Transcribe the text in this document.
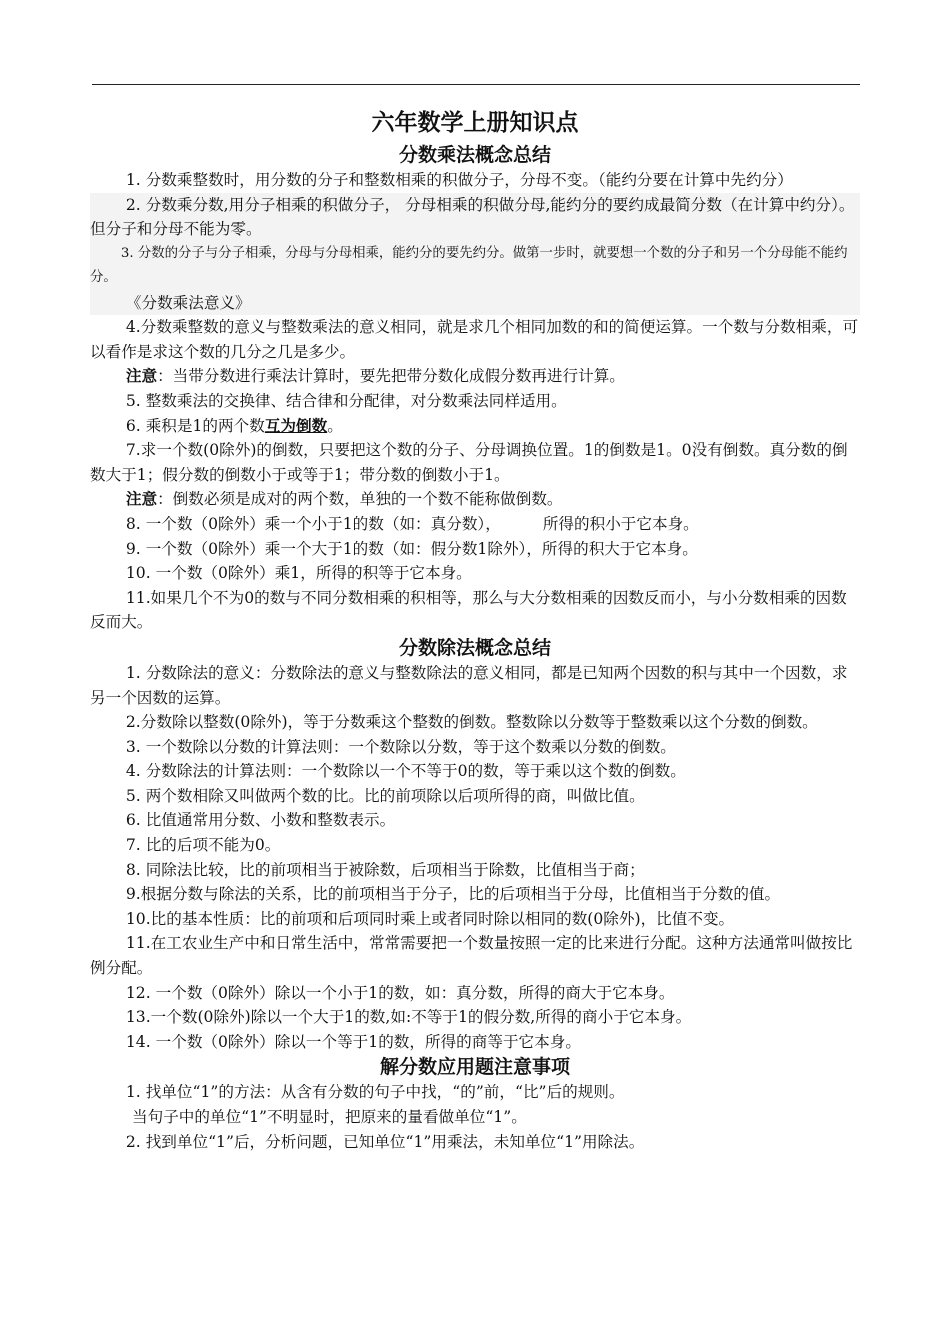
六年数学上册知识点
分数乘法概念总结

1. 分数乘整数时，用分数的分子和整数相乘的积做分子，分母不变。（能约分要在计算中先约分）

2. 分数乘分数,用分子相乘的积做分子， 分母相乘的积做分母,能约分的要约成最简分数（在计算中约分）。 但分子和分母不能为零。

3. 分数的分子与分子相乘，分母与分母相乘，能约分的要先约分。做第一步时，就要想一个数的分子和另一个分母能不能约分。

《分数乘法意义》

4.分数乘整数的意义与整数乘法的意义相同，就是求几个相同加数的和的简便运算。一个数与分数相乘，可以看作是求这个数的几分之几是多少。

注意：当带分数进行乘法计算时，要先把带分数化成假分数再进行计算。

5. 整数乘法的交换律、结合律和分配律，对分数乘法同样适用。

6. 乘积是1的两个数互为倒数。

7.求一个数(0除外)的倒数，只要把这个数的分子、分母调换位置。1的倒数是1。0没有倒数。真分数的倒数大于1；假分数的倒数小于或等于1；带分数的倒数小于1。

注意：倒数必须是成对的两个数，单独的一个数不能称做倒数。

8. 一个数（0除外）乘一个小于1的数（如：真分数），	所得的积小于它本身。

9. 一个数（0除外）乘一个大于1的数（如：假分数1除外），所得的积大于它本身。

10. 一个数（0除外）乘1，所得的积等于它本身。

11.如果几个不为0的数与不同分数相乘的积相等，那么与大分数相乘的因数反而小，与小分数相乘的因数反而大。

分数除法概念总结

1. 分数除法的意义：分数除法的意义与整数除法的意义相同，都是已知两个因数的积与其中一个因数，求另一个因数的运算。

2.分数除以整数(0除外)，等于分数乘这个整数的倒数。整数除以分数等于整数乘以这个分数的倒数。

3. 一个数除以分数的计算法则：一个数除以分数，等于这个数乘以分数的倒数。

4. 分数除法的计算法则：一个数除以一个不等于0的数，等于乘以这个数的倒数。

5. 两个数相除又叫做两个数的比。比的前项除以后项所得的商，叫做比值。

6. 比值通常用分数、小数和整数表示。

7. 比的后项不能为0。

8. 同除法比较，比的前项相当于被除数，后项相当于除数，比值相当于商；

9.根据分数与除法的关系，比的前项相当于分子，比的后项相当于分母，比值相当于分数的值。

10.比的基本性质：比的前项和后项同时乘上或者同时除以相同的数(0除外)，比值不变。

11.在工农业生产中和日常生活中，常常需要把一个数量按照一定的比来进行分配。这种方法通常叫做按比例分配。

12. 一个数（0除外）除以一个小于1的数，如：真分数，所得的商大于它本身。

13.一个数(0除外)除以一个大于1的数,如:不等于1的假分数,所得的商小于它本身。

14. 一个数（0除外）除以一个等于1的数，所得的商等于它本身。

解分数应用题注意事项

1. 找单位“1”的方法：从含有分数的句子中找，“的”前，“比”后的规则。

当句子中的单位“1”不明显时，把原来的量看做单位“1”。

2. 找到单位“1”后，分析问题，已知单位“1”用乘法，未知单位“1”用除法。
